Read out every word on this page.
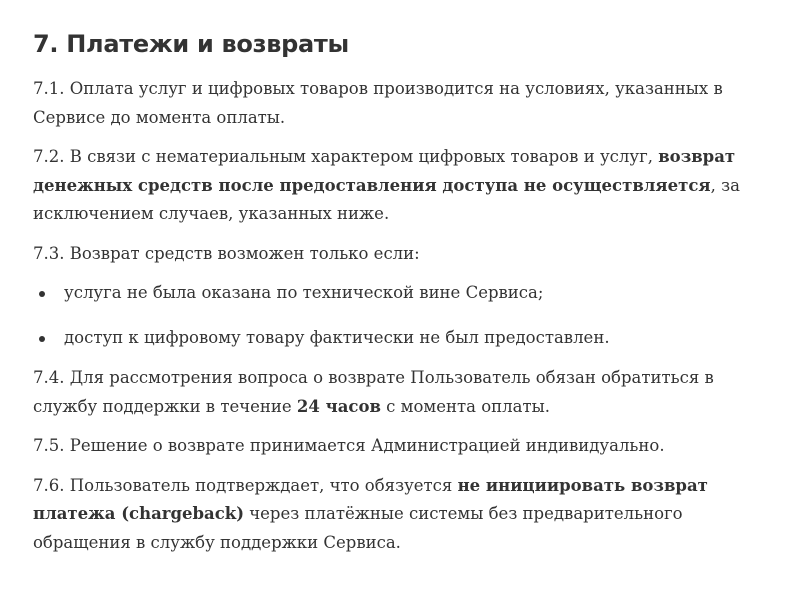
7. Платежи и возвраты

7.1. Оплата услуг и цифровых товаров производится на условиях, указанных в Сервисе до момента оплаты.

7.2. В связи с нематериальным характером цифровых товаров и услуг, возврат денежных средств после предоставления доступа не осуществляется, за исключением случаев, указанных ниже.

7.3. Возврат средств возможен только если:

услуга не была оказана по технической вине Сервиса;
доступ к цифровому товару фактически не был предоставлен.

7.4. Для рассмотрения вопроса о возврате Пользователь обязан обратиться в службу поддержки в течение 24 часов с момента оплаты.

7.5. Решение о возврате принимается Администрацией индивидуально.

7.6. Пользователь подтверждает, что обязуется не инициировать возврат платежа (chargeback) через платёжные системы без предварительного обращения в службу поддержки Сервиса.
